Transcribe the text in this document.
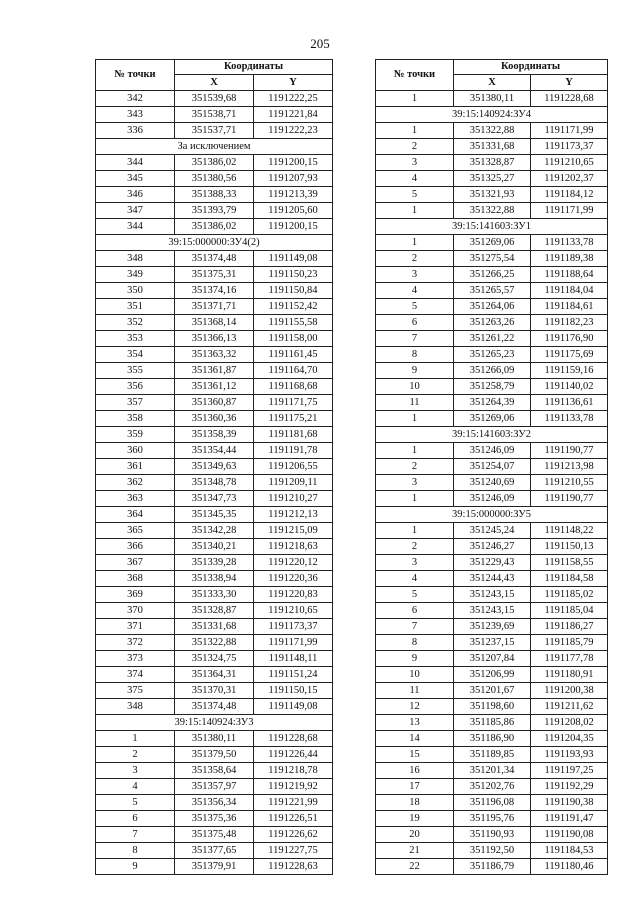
205
№ точки	Координаты	
	X	Y
342	351539,68	1191222,25
343	351538,71	1191221,84
336	351537,71	1191222,23
За исключением		
344	351386,02	1191200,15
345	351380,56	1191207,93
346	351388,33	1191213,39
347	351393,79	1191205,60
344	351386,02	1191200,15
39:15:000000:ЗУ4(2)		
348	351374,48	1191149,08
349	351375,31	1191150,23
350	351374,16	1191150,84
351	351371,71	1191152,42
352	351368,14	1191155,58
353	351366,13	1191158,00
354	351363,32	1191161,45
355	351361,87	1191164,70
356	351361,12	1191168,68
357	351360,87	1191171,75
358	351360,36	1191175,21
359	351358,39	1191181,68
360	351354,44	1191191,78
361	351349,63	1191206,55
362	351348,78	1191209,11
363	351347,73	1191210,27
364	351345,35	1191212,13
365	351342,28	1191215,09
366	351340,21	1191218,63
367	351339,28	1191220,12
368	351338,94	1191220,36
369	351333,30	1191220,83
370	351328,87	1191210,65
371	351331,68	1191173,37
372	351322,88	1191171,99
373	351324,75	1191148,11
374	351364,31	1191151,24
375	351370,31	1191150,15
348	351374,48	1191149,08
39:15:140924:ЗУ3		
1	351380,11	1191228,68
2	351379,50	1191226,44
3	351358,64	1191218,78
4	351357,97	1191219,92
5	351356,34	1191221,99
6	351375,36	1191226,51
7	351375,48	1191226,62
8	351377,65	1191227,75
9	351379,91	1191228,63
№ точки	Координаты	
	X	Y
1	351380,11	1191228,68
39:15:140924:ЗУ4		
1	351322,88	1191171,99
2	351331,68	1191173,37
3	351328,87	1191210,65
4	351325,27	1191202,37
5	351321,93	1191184,12
1	351322,88	1191171,99
39:15:141603:ЗУ1		
1	351269,06	1191133,78
2	351275,54	1191189,38
3	351266,25	1191188,64
4	351265,57	1191184,04
5	351264,06	1191184,61
6	351263,26	1191182,23
7	351261,22	1191176,90
8	351265,23	1191175,69
9	351266,09	1191159,16
10	351258,79	1191140,02
11	351264,39	1191136,61
1	351269,06	1191133,78
39:15:141603:ЗУ2		
1	351246,09	1191190,77
2	351254,07	1191213,98
3	351240,69	1191210,55
1	351246,09	1191190,77
39:15:000000:ЗУ5		
1	351245,24	1191148,22
2	351246,27	1191150,13
3	351229,43	1191158,55
4	351244,43	1191184,58
5	351243,15	1191185,02
6	351243,15	1191185,04
7	351239,69	1191186,27
8	351237,15	1191185,79
9	351207,84	1191177,78
10	351206,99	1191180,91
11	351201,67	1191200,38
12	351198,60	1191211,62
13	351185,86	1191208,02
14	351186,90	1191204,35
15	351189,85	1191193,93
16	351201,34	1191197,25
17	351202,76	1191192,29
18	351196,08	1191190,38
19	351195,76	1191191,47
20	351190,93	1191190,08
21	351192,50	1191184,53
22	351186,79	1191180,46
